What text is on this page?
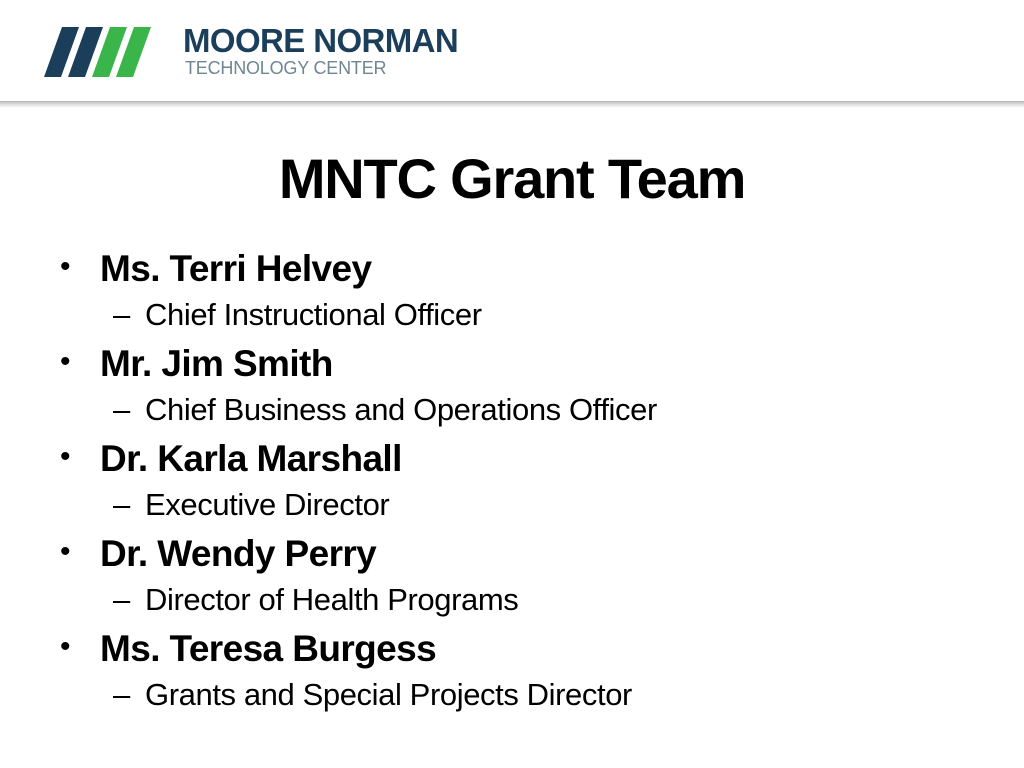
MOORE NORMAN
TECHNOLOGY CENTER
MNTC Grant Team
• Ms. Terri Helvey
– Chief Instructional Officer
• Mr. Jim Smith
– Chief Business and Operations Officer
• Dr. Karla Marshall
– Executive Director
• Dr. Wendy Perry
– Director of Health Programs
• Ms. Teresa Burgess
– Grants and Special Projects Director
